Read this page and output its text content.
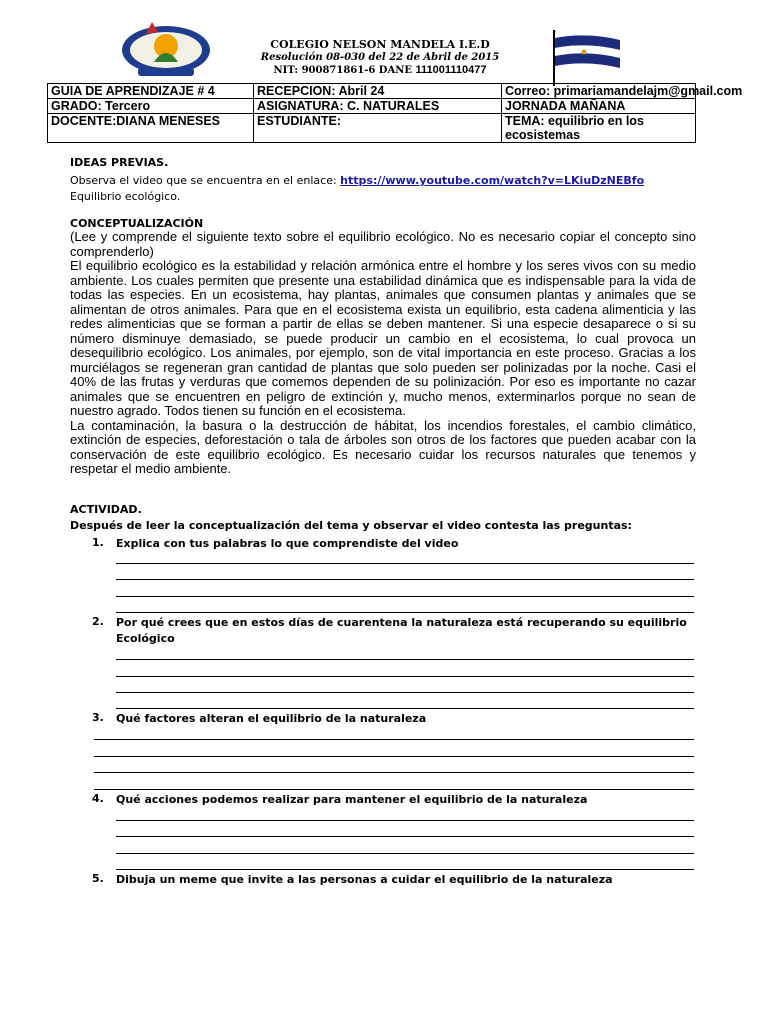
COLEGIO NELSON MANDELA I.E.D
Resolución 08-030 del 22 de Abril de 2015
NIT: 900871861-6 DANE 111001110477
GUIA DE APRENDIZAJE # 4	RECEPCION: Abril 24	Correo: primariamandelajm@gmail.com
GRADO: Tercero	ASIGNATURA: C. NATURALES	JORNADA MAÑANA
DOCENTE:DIANA MENESES	ESTUDIANTE:	TEMA: equilibrio en los ecosistemas
IDEAS PREVIAS.
Observa el video que se encuentra en el enlace: https://www.youtube.com/watch?v=LKiuDzNEBfo
Equilibrio ecológico.
CONCEPTUALIZACIÓN
(Lee y comprende el siguiente texto sobre el equilibrio ecológico. No es necesario copiar el concepto sino comprenderlo)
El equilibrio ecológico es la estabilidad y relación armónica entre el hombre y los seres vivos con su medio ambiente. Los cuales permiten que presente una estabilidad dinámica que es indispensable para la vida de todas las especies. En un ecosistema, hay plantas, animales que consumen plantas y animales que se alimentan de otros animales. Para que en el ecosistema exista un equilibrio, esta cadena alimenticia y las redes alimenticias que se forman a partir de ellas se deben mantener. Si una especie desaparece o si su número disminuye demasiado, se puede producir un cambio en el ecosistema, lo cual provoca un desequilibrio ecológico. Los animales, por ejemplo, son de vital importancia en este proceso. Gracias a los murciélagos se regeneran gran cantidad de plantas que solo pueden ser polinizadas por la noche. Casi el 40% de las frutas y verduras que comemos dependen de su polinización. Por eso es importante no cazar animales que se encuentren en peligro de extinción y, mucho menos, exterminarlos porque no sean de nuestro agrado. Todos tienen su función en el ecosistema.
La contaminación, la basura o la destrucción de hábitat, los incendios forestales, el cambio climático, extinción de especies, deforestación o tala de árboles son otros de los factores que pueden acabar con la conservación de este equilibrio ecológico. Es necesario cuidar los recursos naturales que tenemos y respetar el medio ambiente.
ACTIVIDAD.
Después de leer la conceptualización del tema y observar el video contesta las preguntas:
1.	Explica con tus palabras lo que comprendiste del video
2.	Por qué crees que en estos días de cuarentena la naturaleza está recuperando su equilibrio Ecológico
3.	Qué factores alteran el equilibrio de la naturaleza
4.	Qué acciones podemos realizar para mantener el equilibrio de la naturaleza
5.	Dibuja un meme que invite a las personas a cuidar el equilibrio de la naturaleza
